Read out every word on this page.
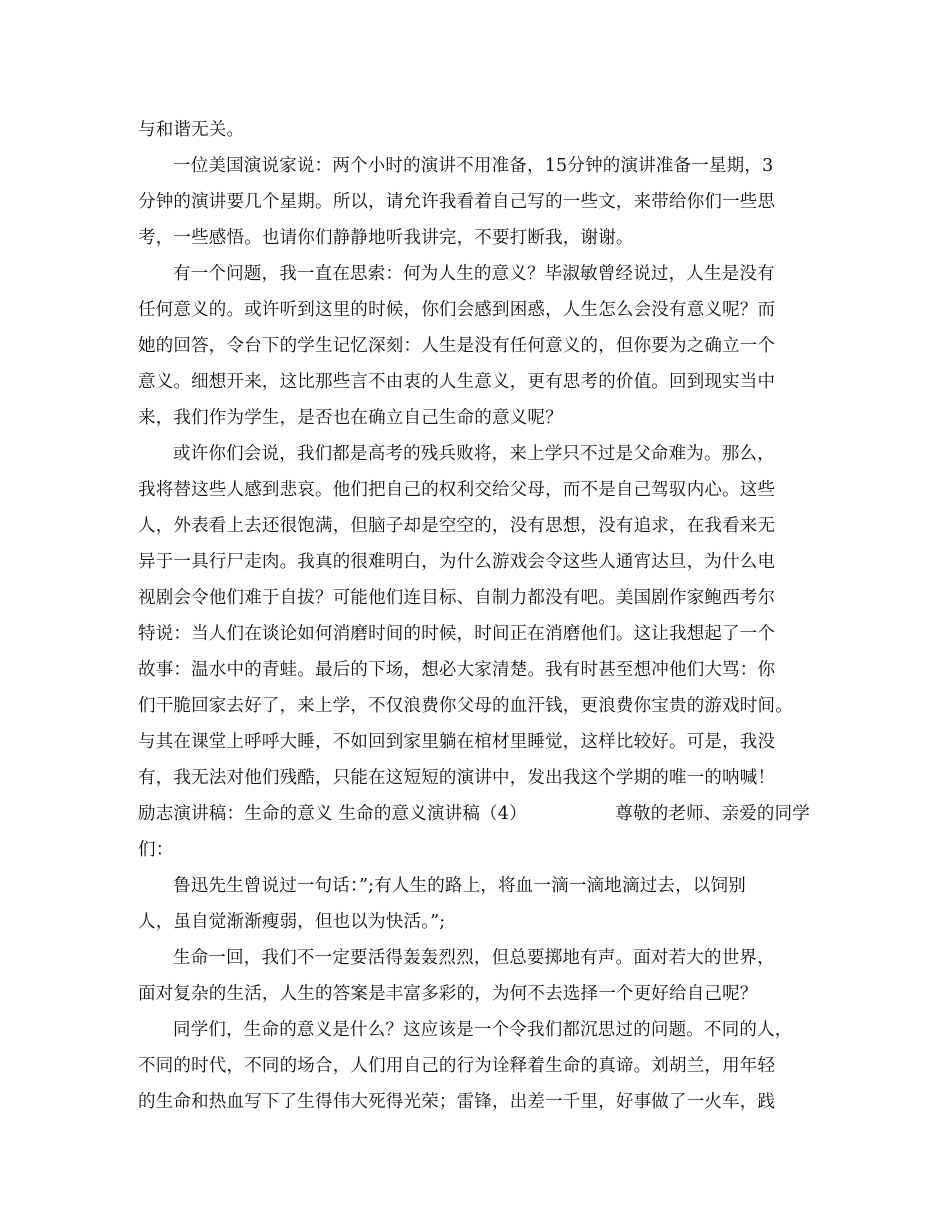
与和谐无关。
一位美国演说家说：两个小时的演讲不用准备，15分钟的演讲准备一星期，3
分钟的演讲要几个星期。所以，请允许我看着自己写的一些文，来带给你们一些思
考，一些感悟。也请你们静静地听我讲完，不要打断我，谢谢。
有一个问题，我一直在思索：何为人生的意义？毕淑敏曾经说过，人生是没有
任何意义的。或许听到这里的时候，你们会感到困惑，人生怎么会没有意义呢？而
她的回答，令台下的学生记忆深刻：人生是没有任何意义的，但你要为之确立一个
意义。细想开来，这比那些言不由衷的人生意义，更有思考的价值。回到现实当中
来，我们作为学生，是否也在确立自己生命的意义呢？
或许你们会说，我们都是高考的残兵败将，来上学只不过是父命难为。那么，
我将替这些人感到悲哀。他们把自己的权利交给父母，而不是自己驾驭内心。这些
人，外表看上去还很饱满，但脑子却是空空的，没有思想，没有追求，在我看来无
异于一具行尸走肉。我真的很难明白，为什么游戏会令这些人通宵达旦，为什么电
视剧会令他们难于自拔？可能他们连目标、自制力都没有吧。美国剧作家鲍西考尔
特说：当人们在谈论如何消磨时间的时候，时间正在消磨他们。这让我想起了一个
故事：温水中的青蛙。最后的下场，想必大家清楚。我有时甚至想冲他们大骂：你
们干脆回家去好了，来上学，不仅浪费你父母的血汗钱，更浪费你宝贵的游戏时间。
与其在课堂上呼呼大睡，不如回到家里躺在棺材里睡觉，这样比较好。可是，我没
有，我无法对他们残酷，只能在这短短的演讲中，发出我这个学期的唯一的呐喊！
励志演讲稿：生命的意义 生命的意义演讲稿（4）	尊敬的老师、亲爱的同学
们：
鲁迅先生曾说过一句话：”;有人生的路上，将血一滴一滴地滴过去，以饲别
人，虽自觉渐渐瘦弱，但也以为快活。”;
生命一回，我们不一定要活得轰轰烈烈，但总要掷地有声。面对若大的世界，
面对复杂的生活，人生的答案是丰富多彩的，为何不去选择一个更好给自己呢？
同学们，生命的意义是什么？这应该是一个令我们都沉思过的问题。不同的人，
不同的时代，不同的场合，人们用自己的行为诠释着生命的真谛。刘胡兰，用年轻
的生命和热血写下了生得伟大死得光荣；雷锋，出差一千里，好事做了一火车，践
